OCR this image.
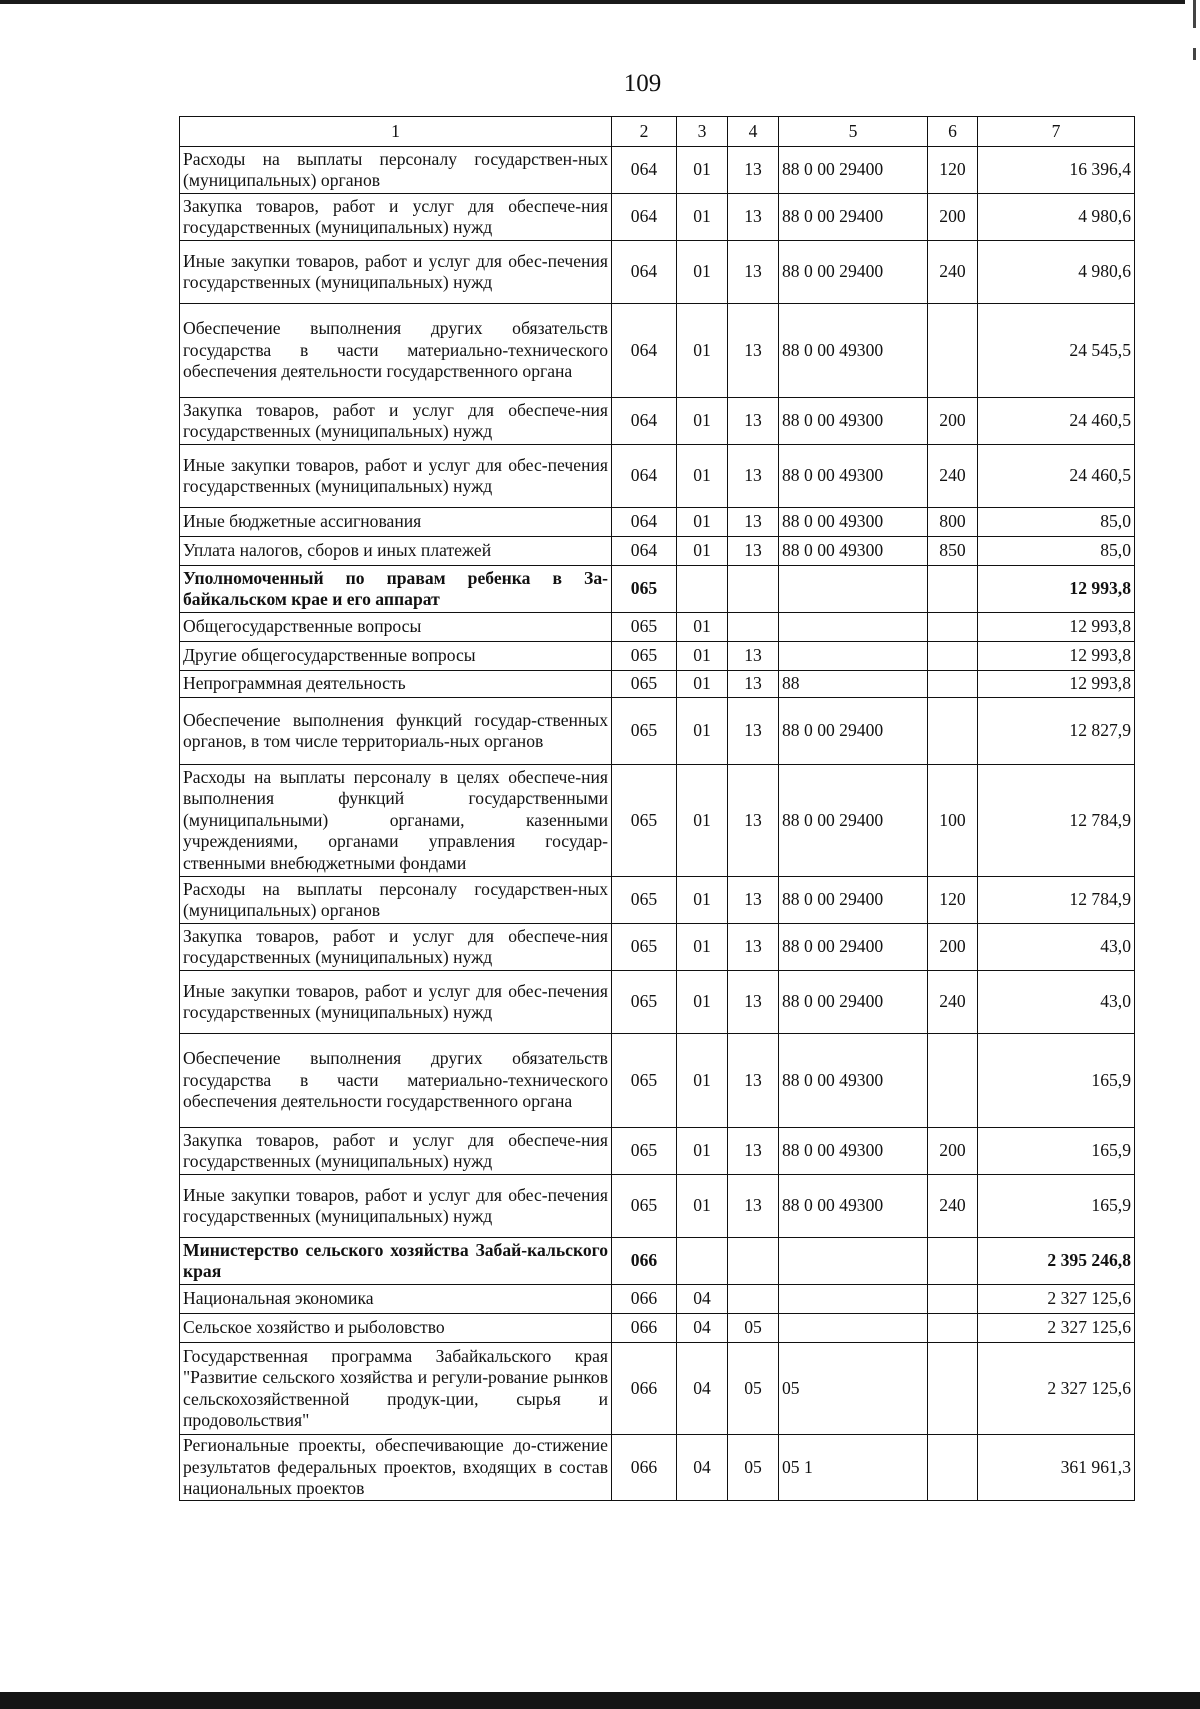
109
1	2	3	4	5	6	7
Расходы на выплаты персоналу государствен-ных (муниципальных) органов	064	01	13	88 0 00 29400	120	16 396,4
Закупка товаров, работ и услуг для обеспече-ния государственных (муниципальных) нужд	064	01	13	88 0 00 29400	200	4 980,6
Иные закупки товаров, работ и услуг для обес-печения государственных (муниципальных) нужд	064	01	13	88 0 00 29400	240	4 980,6
Обеспечение выполнения других обязательств государства в части материально-технического обеспечения деятельности государственного органа	064	01	13	88 0 00 49300		24 545,5
Закупка товаров, работ и услуг для обеспече-ния государственных (муниципальных) нужд	064	01	13	88 0 00 49300	200	24 460,5
Иные закупки товаров, работ и услуг для обес-печения государственных (муниципальных) нужд	064	01	13	88 0 00 49300	240	24 460,5
Иные бюджетные ассигнования	064	01	13	88 0 00 49300	800	85,0
Уплата налогов, сборов и иных платежей	064	01	13	88 0 00 49300	850	85,0
Уполномоченный по правам ребенка в За-байкальском крае и его аппарат	065					12 993,8
Общегосударственные вопросы	065	01				12 993,8
Другие общегосударственные вопросы	065	01	13			12 993,8
Непрограммная деятельность	065	01	13	88		12 993,8
Обеспечение выполнения функций государ-ственных органов, в том числе территориаль-ных органов	065	01	13	88 0 00 29400		12 827,9
Расходы на выплаты персоналу в целях обеспече-ния выполнения функций государственными (муниципальными) органами, казенными учреждениями, органами управления государ-ственными внебюджетными фондами	065	01	13	88 0 00 29400	100	12 784,9
Расходы на выплаты персоналу государствен-ных (муниципальных) органов	065	01	13	88 0 00 29400	120	12 784,9
Закупка товаров, работ и услуг для обеспече-ния государственных (муниципальных) нужд	065	01	13	88 0 00 29400	200	43,0
Иные закупки товаров, работ и услуг для обес-печения государственных (муниципальных) нужд	065	01	13	88 0 00 29400	240	43,0
Обеспечение выполнения других обязательств государства в части материально-технического обеспечения деятельности государственного органа	065	01	13	88 0 00 49300		165,9
Закупка товаров, работ и услуг для обеспече-ния государственных (муниципальных) нужд	065	01	13	88 0 00 49300	200	165,9
Иные закупки товаров, работ и услуг для обес-печения государственных (муниципальных) нужд	065	01	13	88 0 00 49300	240	165,9
Министерство сельского хозяйства Забай-кальского края	066					2 395 246,8
Национальная экономика	066	04				2 327 125,6
Сельское хозяйство и рыболовство	066	04	05			2 327 125,6
Государственная программа Забайкальского края "Развитие сельского хозяйства и регули-рование рынков сельскохозяйственной продук-ции, сырья и продовольствия"	066	04	05	05		2 327 125,6
Региональные проекты, обеспечивающие до-стижение результатов федеральных проектов, входящих в состав национальных проектов	066	04	05	05 1		361 961,3
